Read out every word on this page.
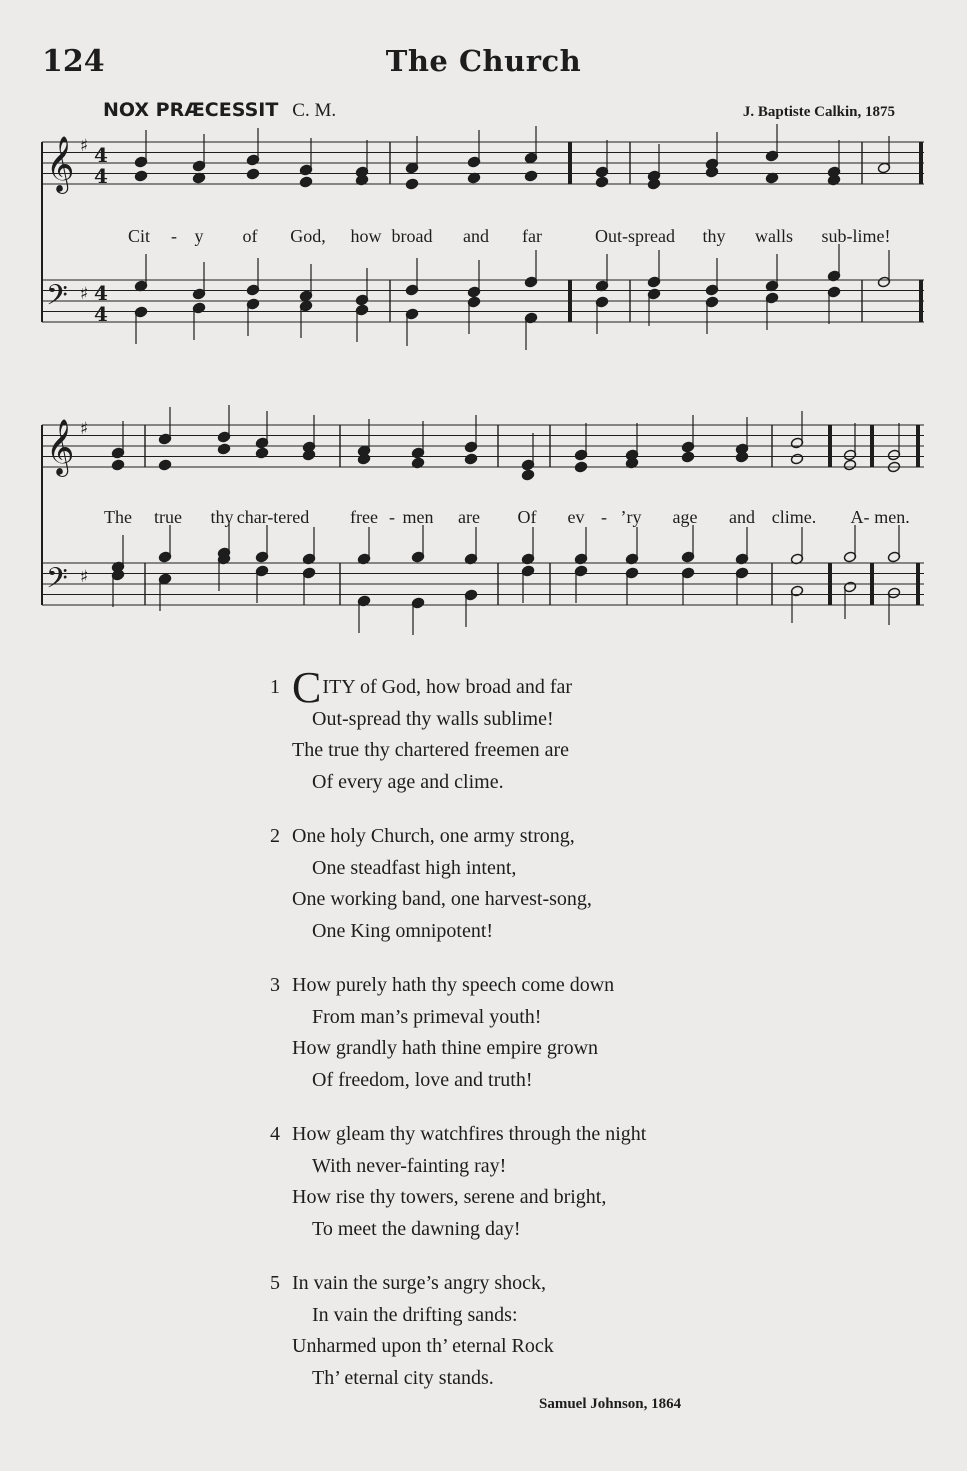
124	The Church
NOX PRÆCESSIT C. M.	J. Baptiste Calkin, 1875
𝄞 ♯ 4
4
𝄢 ♯ 4
4
Cit - y of God, how broad and far	Out-spread thy walls sub-lime!
𝄞 ♯
𝄢 ♯
The true thy char-tered free - men are Of ev - ’ry age and clime. A- men.
1 CITY of God, how broad and far
Out-spread thy walls sublime!
The true thy chartered freemen are
Of every age and clime.
2 One holy Church, one army strong,
One steadfast high intent,
One working band, one harvest-song,
One King omnipotent!
3 How purely hath thy speech come down
From man’s primeval youth!
How grandly hath thine empire grown
Of freedom, love and truth!
4 How gleam thy watchfires through the night
With never-fainting ray!
How rise thy towers, serene and bright,
To meet the dawning day!
5 In vain the surge’s angry shock,
In vain the drifting sands:
Unharmed upon th’ eternal Rock
Th’ eternal city stands.
Samuel Johnson, 1864
